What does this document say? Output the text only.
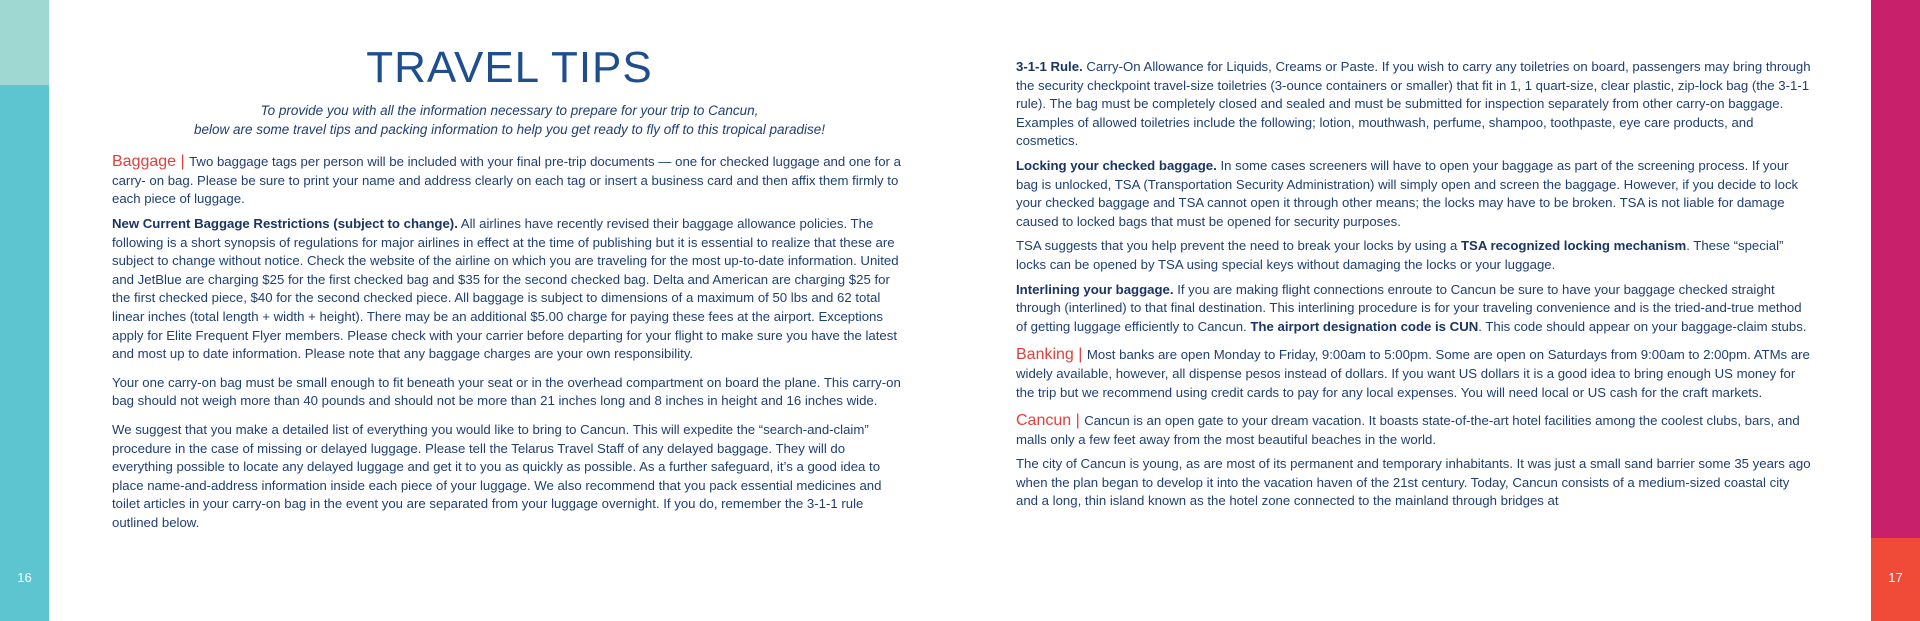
16	17
TRAVEL TIPS

To provide you with all the information necessary to prepare for your trip to Cancun,
below are some travel tips and packing information to help you get ready to fly off to this tropical paradise!

Baggage | Two baggage tags per person will be included with your final pre-trip documents — one for checked luggage and one for a carry- on bag. Please be sure to print your name and address clearly on each tag or insert a business card and then affix them firmly to each piece of luggage.

New Current Baggage Restrictions (subject to change). All airlines have recently revised their baggage allowance policies. The following is a short synopsis of regulations for major airlines in effect at the time of publishing but it is essential to realize that these are subject to change without notice. Check the website of the airline on which you are traveling for the most up-to-date information. United and JetBlue are charging $25 for the first checked bag and $35 for the second checked bag. Delta and American are charging $25 for the first checked piece, $40 for the second checked piece. All baggage is subject to dimensions of a maximum of 50 lbs and 62 total linear inches (total length + width + height). There may be an additional $5.00 charge for paying these fees at the airport. Exceptions apply for Elite Frequent Flyer members. Please check with your carrier before departing for your flight to make sure you have the latest and most up to date information. Please note that any baggage charges are your own responsibility.

Your one carry-on bag must be small enough to fit beneath your seat or in the overhead compartment on board the plane. This carry-on bag should not weigh more than 40 pounds and should not be more than 21 inches long and 8 inches in height and 16 inches wide.

We suggest that you make a detailed list of everything you would like to bring to Cancun. This will expedite the “search-and-claim” procedure in the case of missing or delayed luggage. Please tell the Telarus Travel Staff of any delayed baggage. They will do everything possible to locate any delayed luggage and get it to you as quickly as possible. As a further safeguard, it’s a good idea to place name-and-address information inside each piece of your luggage. We also recommend that you pack essential medicines and toilet articles in your carry-on bag in the event you are separated from your luggage overnight. If you do, remember the 3-1-1 rule outlined below.

3-1-1 Rule. Carry-On Allowance for Liquids, Creams or Paste. If you wish to carry any toiletries on board, passengers may bring through the security checkpoint travel-size toiletries (3-ounce containers or smaller) that fit in 1, 1 quart-size, clear plastic, zip-lock bag (the 3-1-1 rule). The bag must be completely closed and sealed and must be submitted for inspection separately from other carry-on baggage. Examples of allowed toiletries include the following; lotion, mouthwash, perfume, shampoo, toothpaste, eye care products, and cosmetics.

Locking your checked baggage. In some cases screeners will have to open your baggage as part of the screening process. If your bag is unlocked, TSA (Transportation Security Administration) will simply open and screen the baggage. However, if you decide to lock your checked baggage and TSA cannot open it through other means; the locks may have to be broken. TSA is not liable for damage caused to locked bags that must be opened for security purposes.

TSA suggests that you help prevent the need to break your locks by using a TSA recognized locking mechanism. These “special” locks can be opened by TSA using special keys without damaging the locks or your luggage.

Interlining your baggage. If you are making flight connections enroute to Cancun be sure to have your baggage checked straight through (interlined) to that final destination. This interlining procedure is for your traveling convenience and is the tried-and-true method of getting luggage efficiently to Cancun. The airport designation code is CUN. This code should appear on your baggage-claim stubs.

Banking | Most banks are open Monday to Friday, 9:00am to 5:00pm. Some are open on Saturdays from 9:00am to 2:00pm. ATMs are widely available, however, all dispense pesos instead of dollars. If you want US dollars it is a good idea to bring enough US money for the trip but we recommend using credit cards to pay for any local expenses. You will need local or US cash for the craft markets.

Cancun | Cancun is an open gate to your dream vacation. It boasts state-of-the-art hotel facilities among the coolest clubs, bars, and malls only a few feet away from the most beautiful beaches in the world.

The city of Cancun is young, as are most of its permanent and temporary inhabitants. It was just a small sand barrier some 35 years ago when the plan began to develop it into the vacation haven of the 21st century. Today, Cancun consists of a medium-sized coastal city and a long, thin island known as the hotel zone connected to the mainland through bridges at
